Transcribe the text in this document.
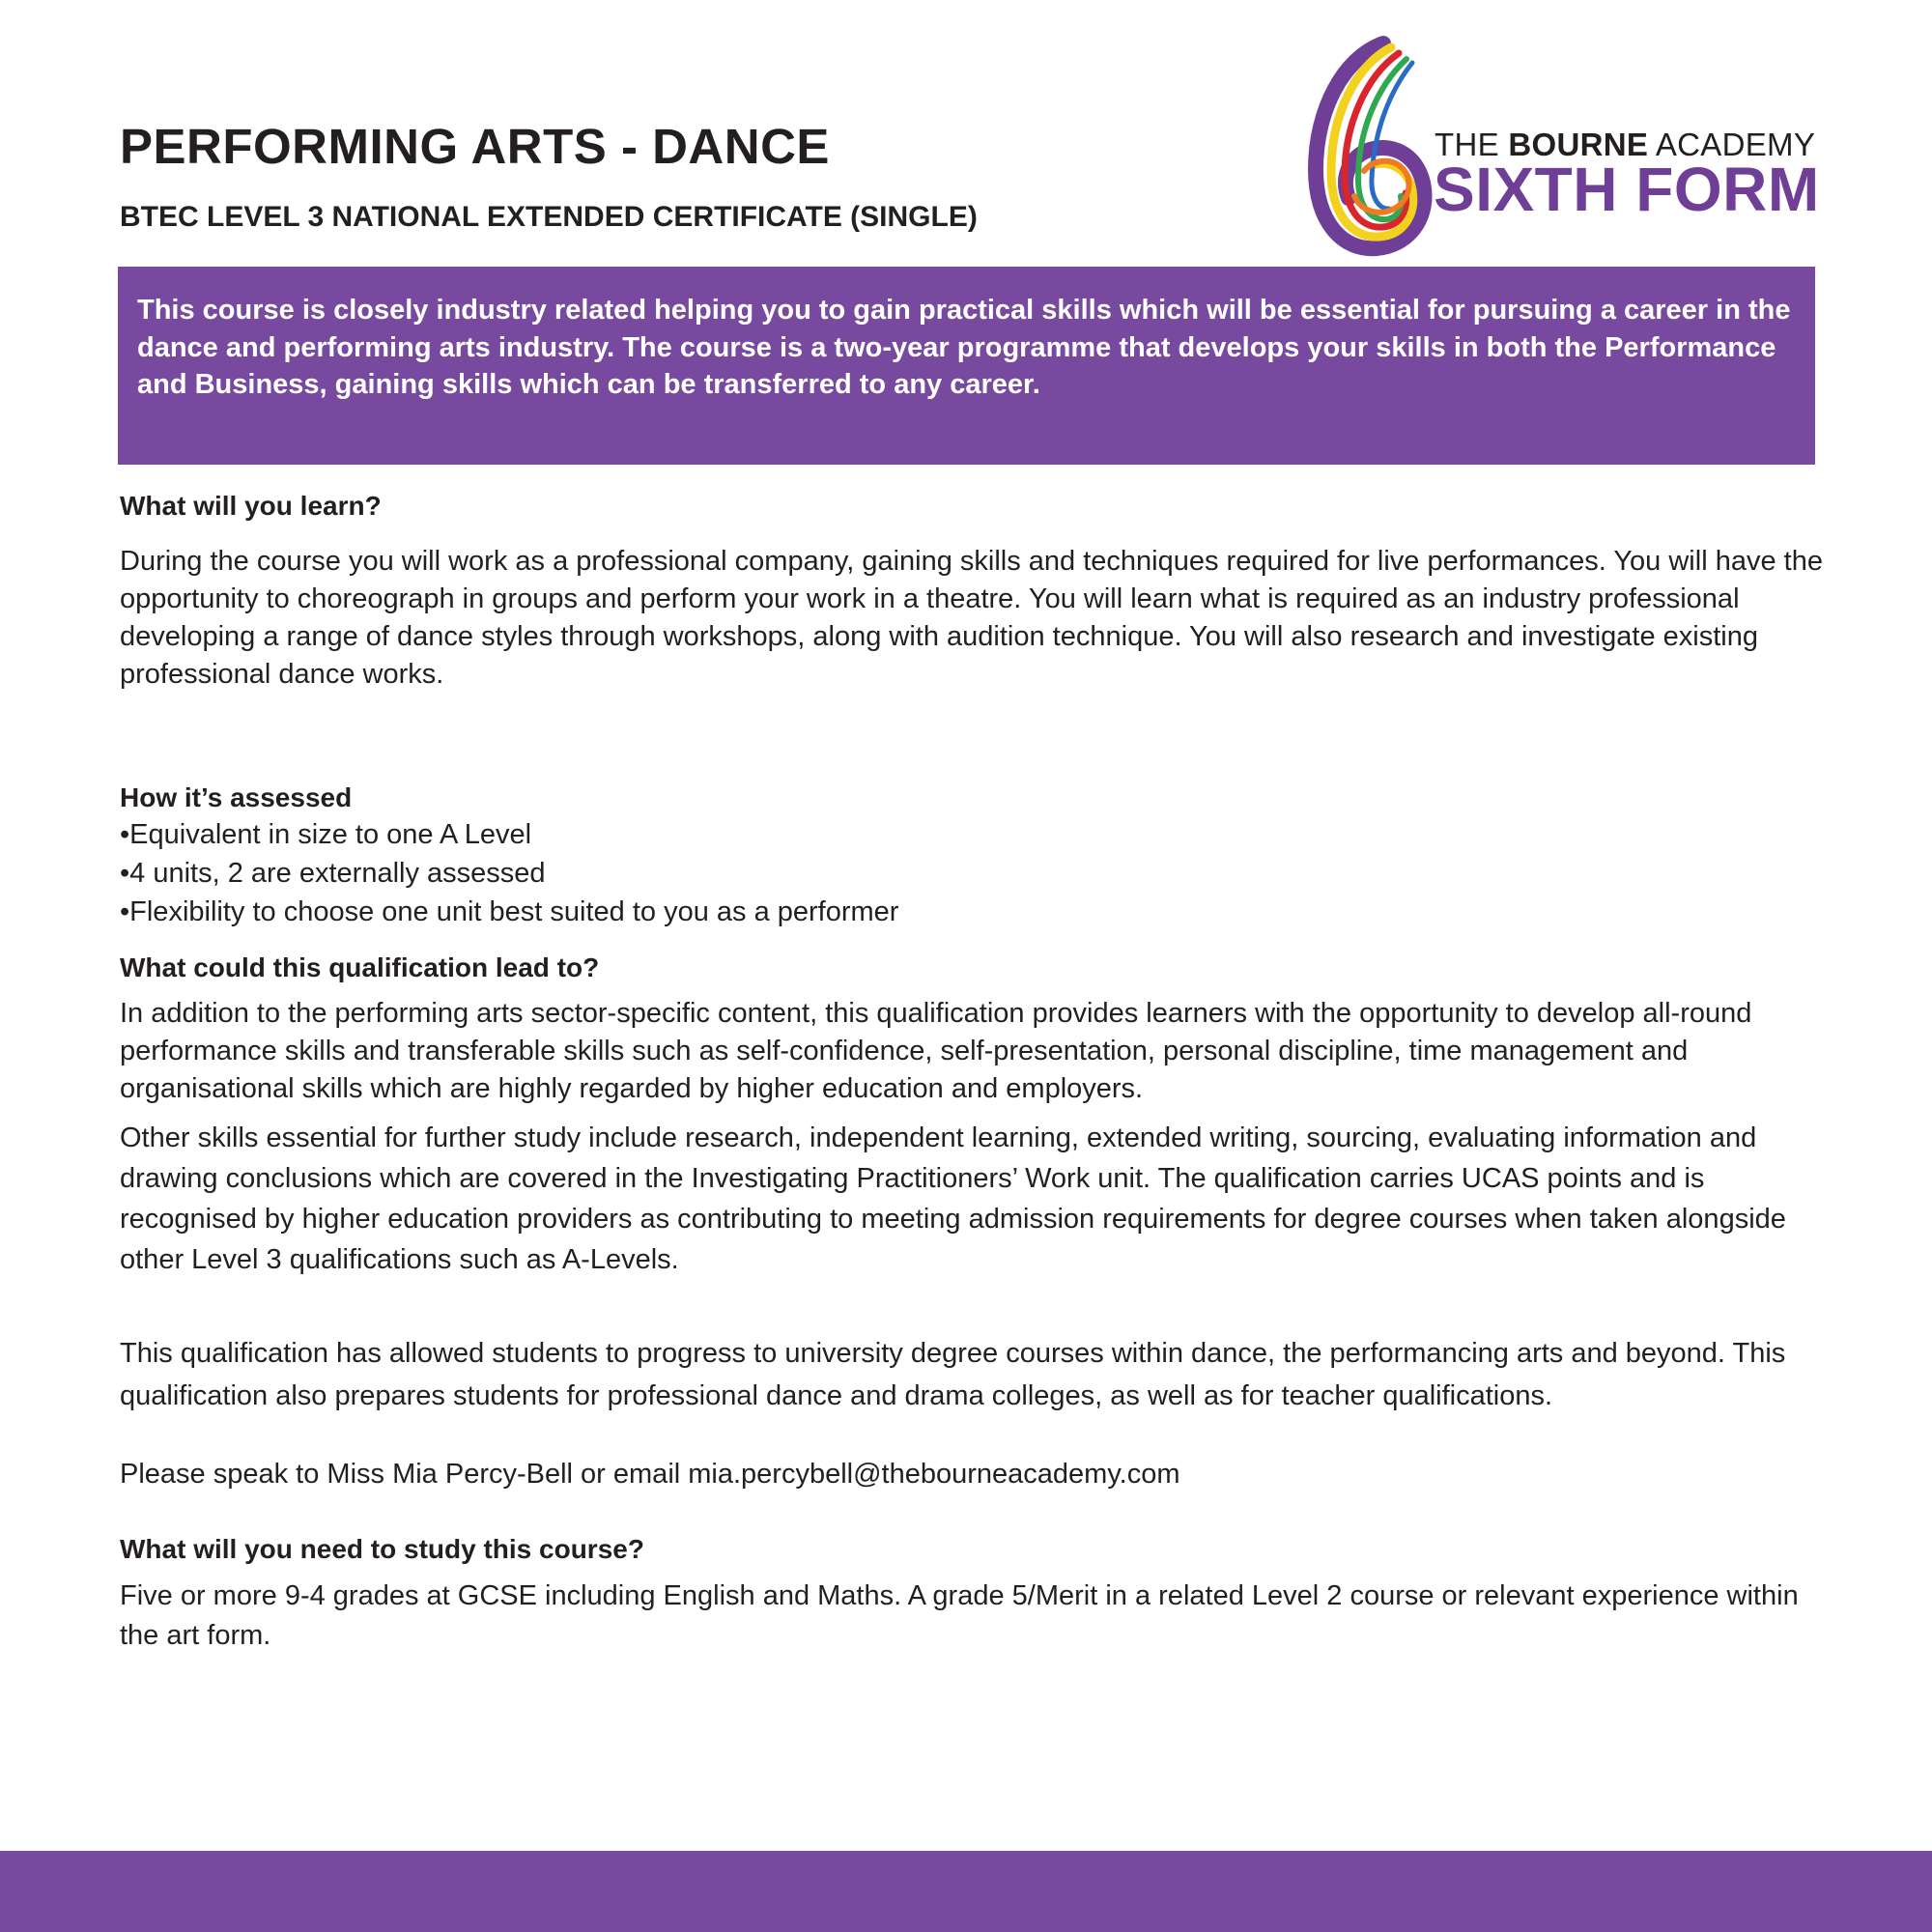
PERFORMING ARTS - DANCE
BTEC LEVEL 3 NATIONAL EXTENDED CERTIFICATE (SINGLE)
THE BOURNE ACADEMY
SIXTH FORM

This course is closely industry related helping you to gain practical skills which will be essential for pursuing a career in the dance and performing arts industry. The course is a two-year programme that develops your skills in both the Performance and Business, gaining skills which can be transferred to any career.

What will you learn?

During the course you will work as a professional company, gaining skills and techniques required for live performances. You will have the opportunity to choreograph in groups and perform your work in a theatre. You will learn what is required as an industry professional developing a range of dance styles through workshops, along with audition technique. You will also research and investigate existing professional dance works.

How it’s assessed

•Equivalent in size to one A Level

•4 units, 2 are externally assessed

•Flexibility to choose one unit best suited to you as a performer

What could this qualification lead to?

In addition to the performing arts sector-specific content, this qualification provides learners with the opportunity to develop all-round performance skills and transferable skills such as self-confidence, self-presentation, personal discipline, time management and organisational skills which are highly regarded by higher education and employers.

Other skills essential for further study include research, independent learning, extended writing, sourcing, evaluating information and drawing conclusions which are covered in the Investigating Practitioners’ Work unit. The qualification carries UCAS points and is recognised by higher education providers as contributing to meeting admission requirements for degree courses when taken alongside other Level 3 qualifications such as A-Levels.

This qualification has allowed students to progress to university degree courses within dance, the performancing arts and beyond. This qualification also prepares students for professional dance and drama colleges, as well as for teacher qualifications.

Please speak to Miss Mia Percy-Bell or email mia.percybell@thebourneacademy.com

What will you need to study this course?

Five or more 9-4 grades at GCSE including English and Maths. A grade 5/Merit in a related Level 2 course or relevant experience within the art form.
